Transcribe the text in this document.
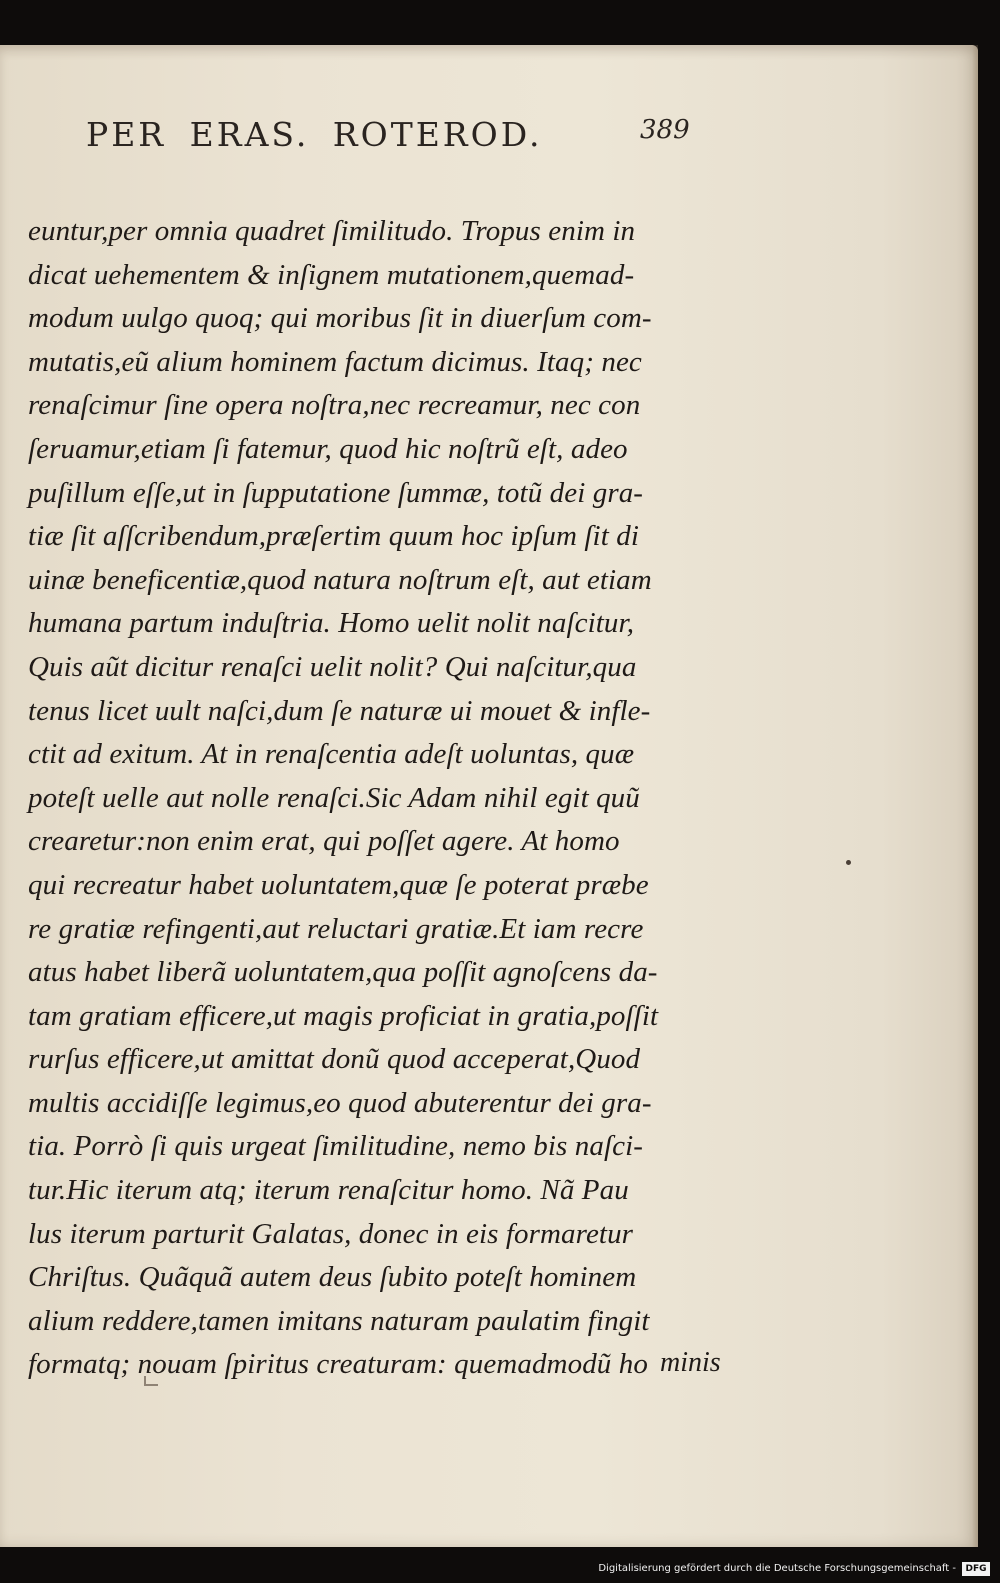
PER ERAS. ROTEROD.	389
euntur,per omnia quadret ſimilitudo. Tropus enim in
dicat uehementem & inſignem mutationem,quemad-
modum uulgo quoq; qui moribus ſit in diuerſum com-
mutatis,eũ alium hominem factum dicimus. Itaq; nec
renaſcimur ſine opera noſtra,nec recreamur, nec con
ſeruamur,etiam ſi fatemur, quod hic noſtrũ eſt, adeo
puſillum eſſe,ut in ſupputatione ſummæ, totũ dei gra-
tiæ ſit aſſcribendum,præſertim quum hoc ipſum ſit di
uinæ beneficentiæ,quod natura noſtrum eſt, aut etiam
humana partum induſtria. Homo uelit nolit naſcitur,
Quis aũt dicitur renaſci uelit nolit? Qui naſcitur,qua
tenus licet uult naſci,dum ſe naturæ ui mouet & infle-
ctit ad exitum. At in renaſcentia adeſt uoluntas, quæ
poteſt uelle aut nolle renaſci.Sic Adam nihil egit quũ
crearetur:non enim erat, qui poſſet agere. At homo
qui recreatur habet uoluntatem,quæ ſe poterat præbe
re gratiæ refingenti,aut reluctari gratiæ.Et iam recre
atus habet liberã uoluntatem,qua poſſit agnoſcens da-
tam gratiam efficere,ut magis proficiat in gratia,poſſit
rurſus efficere,ut amittat donũ quod acceperat,Quod
multis accidiſſe legimus,eo quod abuterentur dei gra-
tia. Porrò ſi quis urgeat ſimilitudine, nemo bis naſci-
tur.Hic iterum atq; iterum renaſcitur homo. Nã Pau
lus iterum parturit Galatas, donec in eis formaretur
Chriſtus. Quãquã autem deus ſubito poteſt hominem
alium reddere,tamen imitans naturam paulatim fingit
formatq; nouam ſpiritus creaturam: quemadmodũ ho minis
Digitalisierung gefördert durch die Deutsche Forschungsgemeinschaft -	DFG
